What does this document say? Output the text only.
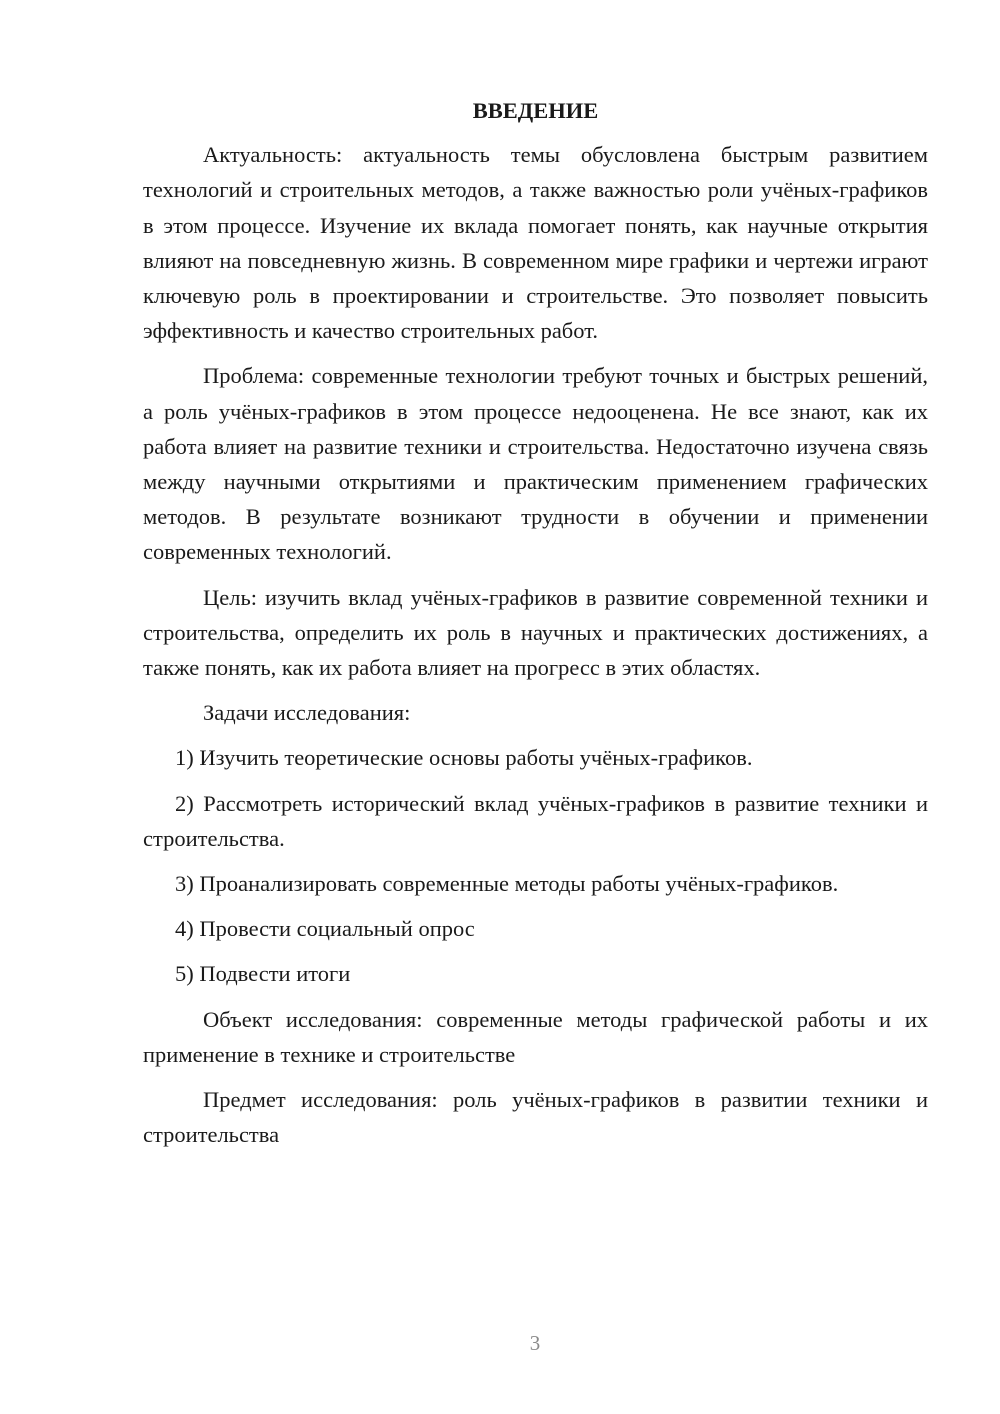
ВВЕДЕНИЕ

Актуальность: актуальность темы обусловлена быстрым развитием технологий и строительных методов, а также важностью роли учёных-графиков в этом процессе. Изучение их вклада помогает понять, как научные открытия влияют на повседневную жизнь. В современном мире графики и чертежи играют ключевую роль в проектировании и строительстве. Это позволяет повысить эффективность и качество строительных работ.

Проблема: современные технологии требуют точных и быстрых решений, а роль учёных-графиков в этом процессе недооценена. Не все знают, как их работа влияет на развитие техники и строительства. Недостаточно изучена связь между научными открытиями и практическим применением графических методов. В результате возникают трудности в обучении и применении современных технологий.

Цель: изучить вклад учёных-графиков в развитие современной техники и строительства, определить их роль в научных и практических достижениях, а также понять, как их работа влияет на прогресс в этих областях.

Задачи исследования:

1) Изучить теоретические основы работы учёных-графиков.

2) Рассмотреть исторический вклад учёных-графиков в развитие техники и строительства.

3) Проанализировать современные методы работы учёных-графиков.

4) Провести социальный опрос

5) Подвести итоги

Объект исследования: современные методы графической работы и их применение в технике и строительстве

Предмет исследования: роль учёных-графиков в развитии техники и строительства

3
